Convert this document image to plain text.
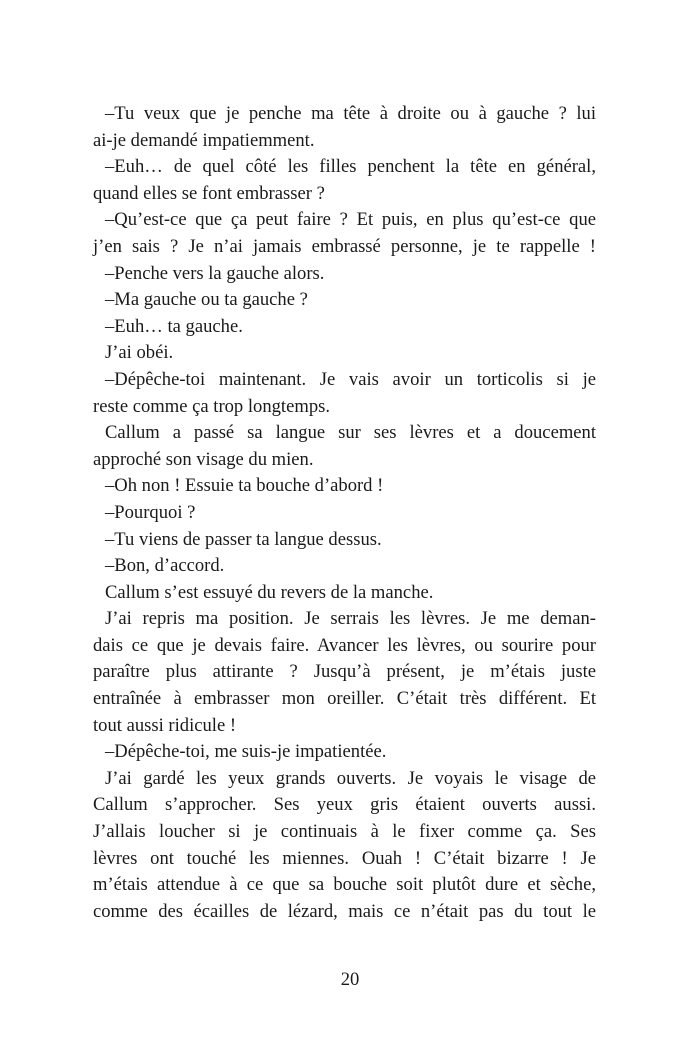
–Tu veux que je penche ma tête à droite ou à gauche ? lui
ai-je demandé impatiemment.
–Euh… de quel côté les filles penchent la tête en général,
quand elles se font embrasser ?
–Qu’est-ce que ça peut faire ? Et puis, en plus qu’est-ce que
j’en sais ? Je n’ai jamais embrassé personne, je te rappelle !
–Penche vers la gauche alors.
–Ma gauche ou ta gauche ?
–Euh… ta gauche.
J’ai obéi.
–Dépêche-toi maintenant. Je vais avoir un torticolis si je
reste comme ça trop longtemps.
Callum a passé sa langue sur ses lèvres et a doucement
approché son visage du mien.
–Oh non ! Essuie ta bouche d’abord !
–Pourquoi ?
–Tu viens de passer ta langue dessus.
–Bon, d’accord.
Callum s’est essuyé du revers de la manche.
J’ai repris ma position. Je serrais les lèvres. Je me deman-
dais ce que je devais faire. Avancer les lèvres, ou sourire pour
paraître plus attirante ? Jusqu’à présent, je m’étais juste
entraînée à embrasser mon oreiller. C’était très différent. Et
tout aussi ridicule !
–Dépêche-toi, me suis-je impatientée.
J’ai gardé les yeux grands ouverts. Je voyais le visage de
Callum s’approcher. Ses yeux gris étaient ouverts aussi.
J’allais loucher si je continuais à le fixer comme ça. Ses
lèvres ont touché les miennes. Ouah ! C’était bizarre ! Je
m’étais attendue à ce que sa bouche soit plutôt dure et sèche,
comme des écailles de lézard, mais ce n’était pas du tout le
20
